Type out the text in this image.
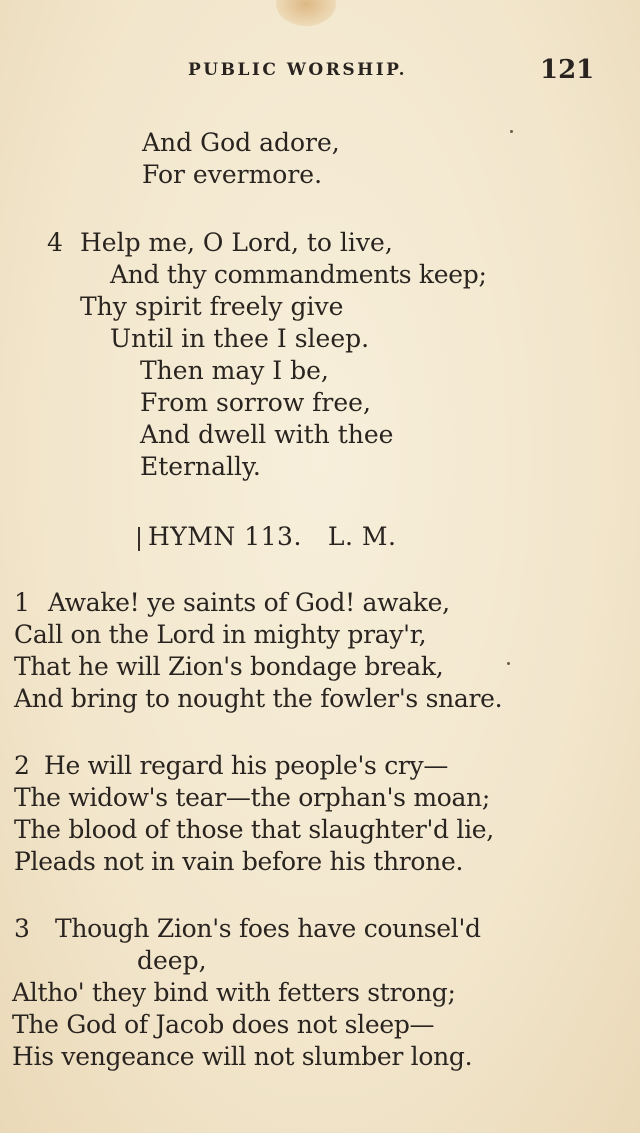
PUBLIC WORSHIP.	121
And God adore,
For evermore.
4 Help me, O Lord, to live,
And thy commandments keep;
Thy spirit freely give
Until in thee I sleep.
Then may I be,
From sorrow free,
And dwell with thee
Eternally.
HYMN 113. L. M.
1 Awake! ye saints of God! awake,
Call on the Lord in mighty pray'r,
That he will Zion's bondage break,
And bring to nought the fowler's snare.
2 He will regard his people's cry—
The widow's tear—the orphan's moan;
The blood of those that slaughter'd lie,
Pleads not in vain before his throne.
3 Though Zion's foes have counsel'd
deep,
Altho' they bind with fetters strong;
The God of Jacob does not sleep—
His vengeance will not slumber long.
